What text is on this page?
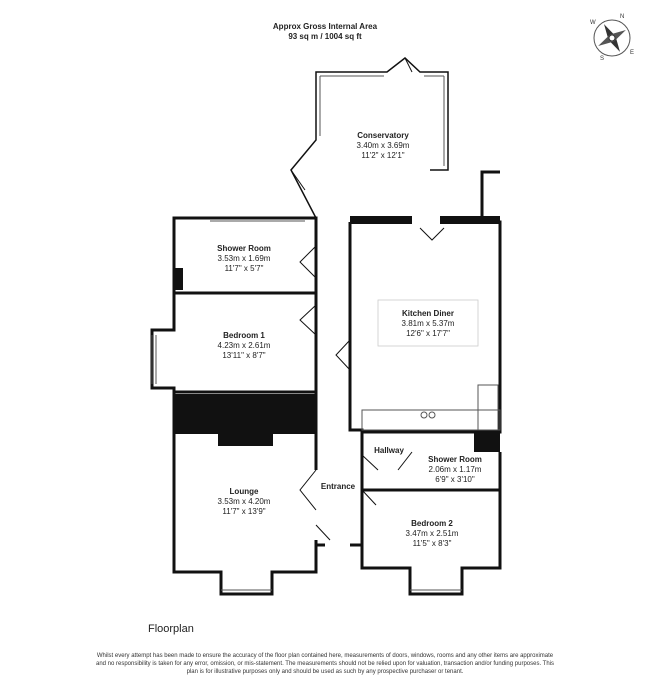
Approx Gross Internal Area
93 sq m / 1004 sq ft
N
E
S
W
Conservatory
3.40m x 3.69m
11'2" x 12'1"
Shower Room
3.53m x 1.69m
11'7" x 5'7"
Kitchen Diner
3.81m x 5.37m
12'6" x 17'7"
Bedroom 1
4.23m x 2.61m
13'11" x 8'7"
Hallway
Shower Room
2.06m x 1.17m
6'9" x 3'10"
Lounge
3.53m x 4.20m
11'7" x 13'9"
Entrance
Bedroom 2
3.47m x 2.51m
11'5" x 8'3"
Floorplan
Whilst every attempt has been made to ensure the accuracy of the floor plan contained here, measurements of doors, windows, rooms and any other items are approximate and no responsibility is taken for any error, omission, or mis-statement. The measurements should not be relied upon for valuation, transaction and/or funding purposes. This plan is for illustrative purposes only and should be used as such by any prospective purchaser or tenant.
